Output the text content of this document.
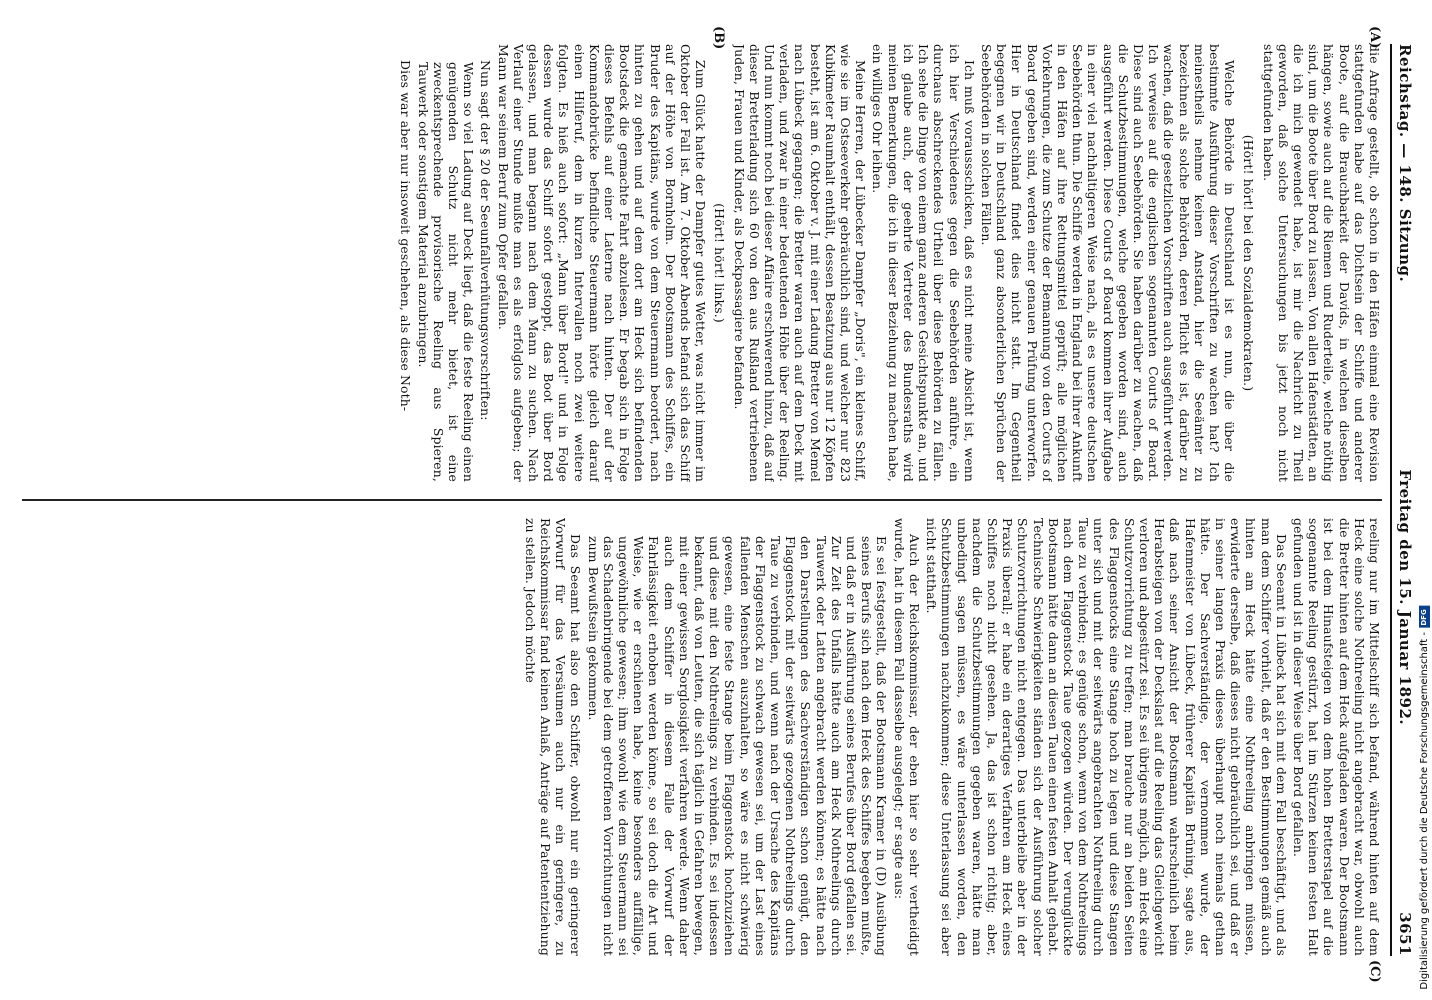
Reichstag. — 148. Sitzung.
Freitag den 15. Januar 1892.
3651
(A)
(B)
(C)

die Anfrage gestellt, ob schon in den Häfen einmal eine Revision stattgefunden habe auf das Dichtsein der Schiffe und anderer Boote, auf die Brauchbarkeit der Davids, in welchen dieselben hängen, sowie auch auf die Riemen und Ruderteile, welche nöthig sind, um die Boote über Bord zu lassen. Von allen Hafenstädten, an die ich mich gewendet habe, ist mir die Nachricht zu Theil geworden, daß solche Untersuchungen bis jetzt noch nicht stattgefunden haben.

(Hört! hört! bei den Sozialdemokraten.)

Welche Behörde in Deutschland ist es nun, die über die bestimmte Ausführung dieser Vorschriften zu wachen hat? Ich meinestheils nehme keinen Anstand, hier die Seeämter zu bezeichnen als solche Behörden, deren Pflicht es ist, darüber zu wachen, daß die gesetzlichen Vorschriften auch ausgeführt werden. Ich verweise auf die englischen sogenannten Courts of Board. Diese sind auch Seebehörden. Sie haben darüber zu wachen, daß die Schutzbestimmungen, welche gegeben worden sind, auch ausgeführt werden. Diese Courts of Board kommen ihrer Aufgabe in einer viel nachhaltigeren Weise nach, als es unsere deutschen Seebehörden thun. Die Schiffe werden in England bei ihrer Ankunft in den Häfen auf ihre Rettungsmittel geprüft; alle möglichen Vorkehrungen, die zum Schutze der Bemannung von den Courts of Board gegeben sind, werden einer genauen Prüfung unterworfen. Hier in Deutschland findet dies nicht statt. Im Gegentheil begegnen wir in Deutschland ganz absonderlichen Sprüchen der Seebehörden in solchen Fällen.

Ich muß voraussschicken, daß es nicht meine Absicht ist, wenn ich hier Verschiedenes gegen die Seebehörden anführe, ein durchaus abschreckendes Urtheil über diese Behörden zu fällen. Ich sehe die Dinge von einem ganz anderen Gesichtspunkte an, und ich glaube auch, der geehrte Vertreter des Bundesraths wird meinen Bemerkungen, die ich in dieser Beziehung zu machen habe, ein williges Ohr leihen.

Meine Herren, der Lübecker Dampfer „Doris", ein kleines Schiff, wie sie im Ostseeverkehr gebräuchlich sind, und welcher nur 823 Kubikmeter Raumhalt enthält, dessen Besatzung aus nur 12 Köpfen besteht, ist am 6. Oktober v. J. mit einer Ladung Bretter von Memel nach Lübeck gegangen; die Bretter waren auch auf dem Deck mit verladen, und zwar in einer bedeutenden Höhe über der Reeling. Und nun kommt noch bei dieser Affaire erschwerend hinzu, daß auf dieser Bretterladung sich 60 von den aus Rußland vertriebenen Juden, Frauen und Kinder, als Deckpassagiere befanden.

(Hört! hört! links.)

Zum Glück hatte der Dampfer gutes Wetter, was nicht immer im Oktober der Fall ist. Am 7. Oktober Abends befand sich das Schiff auf der Höhe von Bornholm. Der Bootsmann des Schiffes, ein Bruder des Kapitäns, wurde von dem Steuermann beordert, nach hinten zu gehen und auf dem dort am Heck sich befindenden Bootsdeck die gemachte Fahrt abzulesen. Er begab sich in Folge dieses Befehls auf einer Laterne nach hinten. Der auf der Kommandobrücke befindliche Steuermann hörte gleich darauf einen Hilferuf, dem in kurzen Intervallen noch zwei weitere folgten. Es hieß auch sofort: „Mann über Bord!" und in Folge dessen wurde das Schiff sofort gestoppt, das Boot über Bord gelassen, und man begann nach dem Mann zu suchen. Nach Verlauf einer Stunde mußte man es als erfolglos aufgeben; der Mann war seinem Beruf zum Opfer gefallen.

Nun sagt der § 20 der Seeunfallverhütungsvorschriften:

Wenn so viel Ladung auf Deck liegt, daß die feste Reeling einen genügenden Schutz nicht mehr bietet, ist eine zweckentsprechende provisorische Reeling aus Spieren, Tauwerk oder sonstigem Material anzubringen.

Dies war aber nur insoweit geschehen, als diese Noth-

reeling nur im Mittelschiff sich befand, während hinten auf dem Heck eine solche Nothreeling nicht angebracht war, obwohl auch die Bretter hinten auf dem Heck aufgeladen waren. Der Bootsmann ist bei dem Hinaufsteigen von dem hohen Bretterstapel auf die sogenannte Reeling gestürzt, hat im Stürzen keinen festen Halt gefunden und ist in dieser Weise über Bord gefallen.

Das Seeamt in Lübeck hat sich mit dem Fall beschäftigt, und als man dem Schiffer vorhielt, daß er den Bestimmungen gemäß auch hinten am Heck hätte eine Nothreeling anbringen müssen, erwiderte derselbe, daß dieses nicht gebräuchlich sei, und daß er in seiner langen Praxis dieses überhaupt noch niemals gethan hätte. Der Sachverständige, der vernommen wurde, der Hafenmeister von Lübeck, früherer Kapitän Brüning, sagte aus, daß nach seiner Ansicht der Bootsmann wahrscheinlich beim Herabsteigen von der Deckslast auf die Reeling das Gleichgewicht verloren und abgestürzt sei. Es sei übrigens möglich, am Heck eine Schutzvorrichtung zu treffen; man brauche nur an beiden Seiten des Flaggenstocks eine Stange hoch zu legen und diese Stangen unter sich und mit der seitwärts angebrachten Nothreeling durch Taue zu verbinden; es genüge schon, wenn von dem Nothreelings nach dem Flaggenstock Taue gezogen würden. Der verunglückte Bootsmann hätte dann an diesen Tauen einen festen Anhalt gehabt. Technische Schwierigkeiten ständen sich der Ausführung solcher Schutzvorrichtungen nicht entgegen. Das unterbleibe aber in der Praxis überall; er habe ein derartiges Verfahren am Heck eines Schiffes noch nicht gesehen. Ja, das ist schon richtig; aber, nachdem die Schutzbestimmungen gegeben waren, hätte man unbedingt sagen müssen, es wäre unterlassen worden, den Schutzbestimmungen nachzukommen; diese Unterlassung sei aber nicht statthaft.

Auch der Reichskommissar, der eben hier so sehr vertheidigt wurde, hat in diesem Fall dasselbe ausgelegt; er sagte aus:

Es sei festgestellt, daß der Bootsmann Kramer in (D) Ausübung seines Berufs sich nach dem Heck des Schiffes begeben mußte, und daß er in Ausführung seines Berufes über Bord gefallen sei. Zur Zeit des Unfalls hätte auch am Heck Nothreelings durch Tauwerk oder Latten angebracht werden können; es hätte nach den Darstellungen des Sachverständigen schon genügt, den Flaggenstock mit der seitwärts gezogenen Nothreelings durch Taue zu verbinden, und wenn nach der Ursache des Kapitäns der Flaggenstock zu schwach gewesen sei, um der Last eines fallenden Menschen auszuhalten, so wäre es nicht schwierig gewesen, eine feste Stange beim Flaggenstock hochzuziehen und diese mit den Nothreelings zu verbinden. Es sei indessen bekannt, daß von Leuten, die sich täglich in Gefahren bewegen, mit einer gewissen Sorglosigkeit verfahren werde. Wenn daher auch dem Schiffer in diesem Falle der Vorwurf der Fahrlässigkeit erhoben werden könne, so sei doch die Art und Weise, wie er erschienen habe, keine besonders auffällige, ungewöhnliche gewesen; ihm sowohl wie dem Steuermann sei das Schadenbringende bei dem getroffenen Vorrichtungen nicht zum Bewußtsein gekommen.

Das Seeamt hat also den Schiffer, obwohl nur ein geringerer Vorwurf für das Versäumen auch nur ein geringere, zu Reichskommissar fand keinen Anlaß, Anträge auf Patententziehung zu stellen. Jedoch möchte

Digitalisierung gefördert durch die Deutsche Forschungsgemeinschaft -
DFG
